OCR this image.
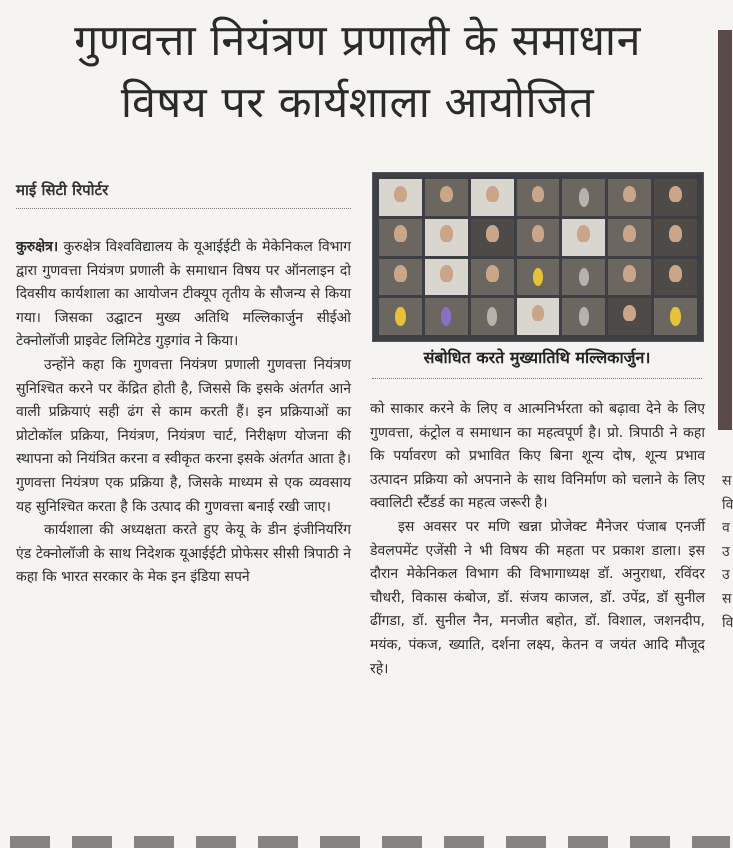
गुणवत्ता नियंत्रण प्रणाली के समाधान
विषय पर कार्यशाला आयोजित
माई सिटी रिपोर्टर

कुरुक्षेत्र। कुरुक्षेत्र विश्वविद्यालय के यूआईईटी के मेकेनिकल विभाग द्वारा गुणवत्ता नियंत्रण प्रणाली के समाधान विषय पर ऑनलाइन दो दिवसीय कार्यशाला का आयोजन टीक्यूप तृतीय के सौजन्य से किया गया। जिसका उद्घाटन मुख्य अतिथि मल्लिकार्जुन सीईओ टेक्नोलॉजी प्राइवेट लिमिटेड गुड़गांव ने किया।

उन्होंने कहा कि गुणवत्ता नियंत्रण प्रणाली गुणवत्ता नियंत्रण सुनिश्चित करने पर केंद्रित होती है, जिससे कि इसके अंतर्गत आने वाली प्रक्रियाएं सही ढंग से काम करती हैं। इन प्रक्रियाओं का प्रोटोकॉल प्रक्रिया, नियंत्रण, नियंत्रण चार्ट, निरीक्षण योजना की स्थापना को नियंत्रित करना व स्वीकृत करना इसके अंतर्गत आता है। गुणवत्ता नियंत्रण एक प्रक्रिया है, जिसके माध्यम से एक व्यवसाय यह सुनिश्चित करता है कि उत्पाद की गुणवत्ता बनाई रखी जाए।

कार्यशाला की अध्यक्षता करते हुए केयू के डीन इंजीनियरिंग एंड टेक्नोलॉजी के साथ निदेशक यूआईईटी प्रोफेसर सीसी त्रिपाठी ने कहा कि भारत सरकार के मेक इन इंडिया सपने

संबोधित करते मुख्यातिथि मल्लिकार्जुन।

को साकार करने के लिए व आत्मनिर्भरता को बढ़ावा देने के लिए गुणवत्ता, कंट्रोल व समाधान का महत्वपूर्ण है। प्रो. त्रिपाठी ने कहा कि पर्यावरण को प्रभावित किए बिना शून्य दोष, शून्य प्रभाव उत्पादन प्रक्रिया को अपनाने के साथ विनिर्माण को चलाने के लिए क्वालिटी स्टैंडर्ड का महत्व जरूरी है।

इस अवसर पर मणि खन्ना प्रोजेक्ट मैनेजर पंजाब एनर्जी डेवलपमेंट एजेंसी ने भी विषय की महता पर प्रकाश डाला। इस दौरान मेकेनिकल विभाग की विभागाध्यक्ष डॉ. अनुराधा, रविंदर चौधरी, विकास कंबोज, डॉ. संजय काजल, डॉ. उपेंद्र, डॉ सुनील ढींगडा, डॉ. सुनील नैन, मनजीत बहोत, डॉ. विशाल, जशनदीप, मयंक, पंकज, ख्याति, दर्शना लक्ष्य, केतन व जयंत आदि मौजूद रहे।

स
वि
व
उ
उ
स
वि
